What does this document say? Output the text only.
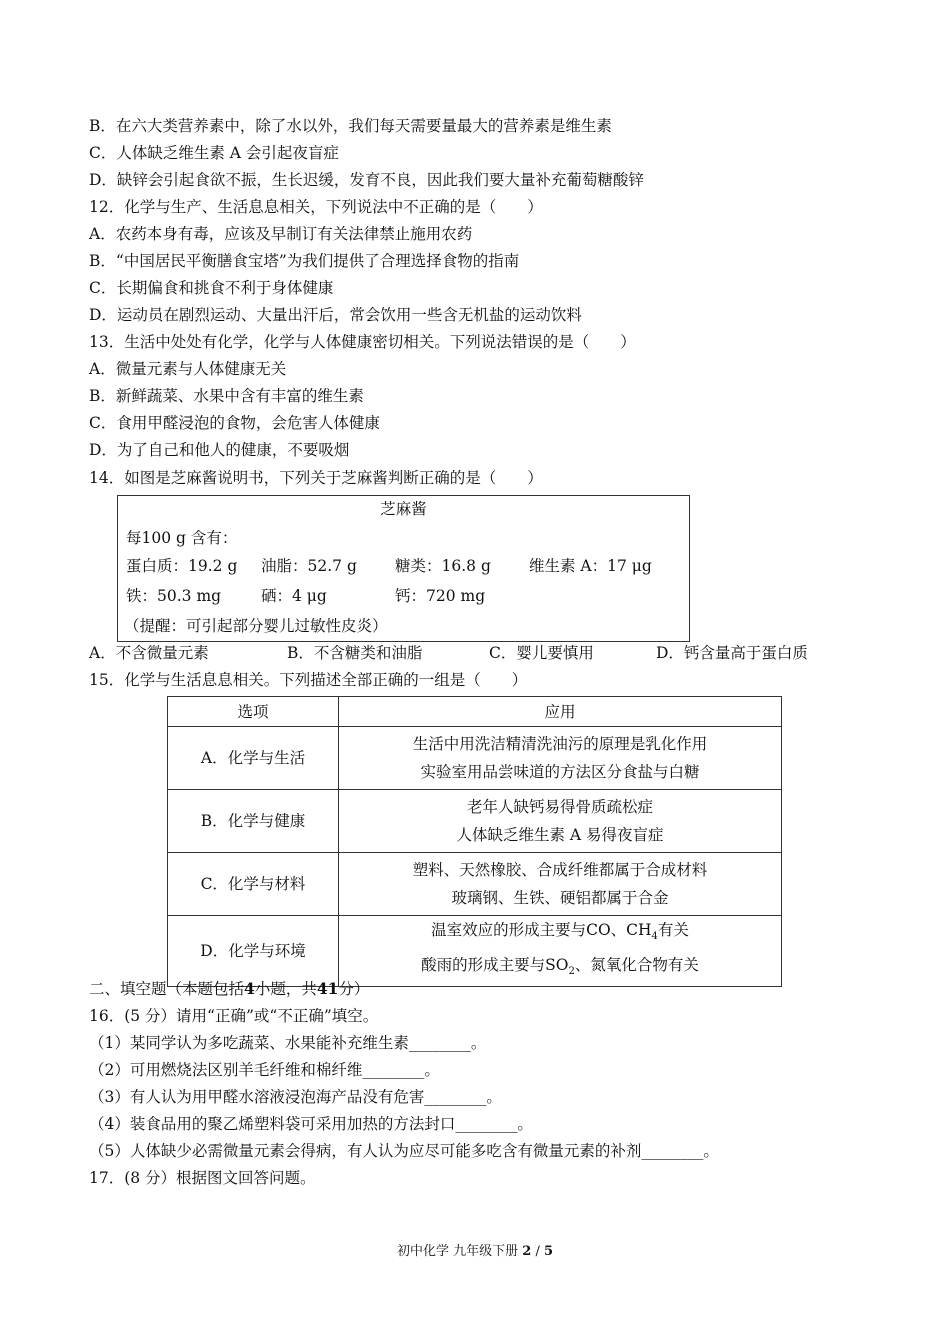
B．在六大类营养素中，除了水以外，我们每天需要量最大的营养素是维生素
C．人体缺乏维生素 A 会引起夜盲症
D．缺锌会引起食欲不振，生长迟缓，发育不良，因此我们要大量补充葡萄糖酸锌
12．化学与生产、生活息息相关，下列说法中不正确的是（　　）
A．农药本身有毒，应该及早制订有关法律禁止施用农药
B．“中国居民平衡膳食宝塔”为我们提供了合理选择食物的指南
C．长期偏食和挑食不利于身体健康
D．运动员在剧烈运动、大量出汗后，常会饮用一些含无机盐的运动饮料
13．生活中处处有化学，化学与人体健康密切相关。下列说法错误的是（　　）
A．微量元素与人体健康无关
B．新鲜蔬菜、水果中含有丰富的维生素
C．食用甲醛浸泡的食物，会危害人体健康
D．为了自己和他人的健康，不要吸烟
14．如图是芝麻酱说明书，下列关于芝麻酱判断正确的是（　　）
芝麻酱
每100 g 含有：
蛋白质：19.2 g 油脂：52.7 g 糖类：16.8 g 维生素 A：17 μg
铁：50.3 mg	硒：4 μg	钙：720 mg
（提醒：可引起部分婴儿过敏性皮炎）
A．不含微量元素	B．不含糖类和油脂	C．婴儿要慎用	D．钙含量高于蛋白质
15．化学与生活息息相关。下列描述全部正确的一组是（　　）
选项	应用
A．化学与生活	生活中用洗洁精清洗油污的原理是乳化作用
实验室用品尝味道的方法区分食盐与白糖

B．化学与健康	老年人缺钙易得骨质疏松症
人体缺乏维生素 A 易得夜盲症

C．化学与材料	塑料、天然橡胶、合成纤维都属于合成材料
玻璃钢、生铁、硬铝都属于合金

D．化学与环境	温室效应的形成主要与CO、$CH_4$有关
酸雨的形成主要与$SO_2$、氮氧化合物有关
二、填空题（本题包括4小题，共41分）
16．(5 分）请用“正确”或“不正确”填空。
（1）某同学认为多吃蔬菜、水果能补充维生素________。
（2）可用燃烧法区别羊毛纤维和棉纤维________。
（3）有人认为用甲醛水溶液浸泡海产品没有危害________。
（4）装食品用的聚乙烯塑料袋可采用加热的方法封口________。
（5）人体缺少必需微量元素会得病，有人认为应尽可能多吃含有微量元素的补剂________。
17．(8 分）根据图文回答问题。
初中化学 九年级下册 2 / 5
